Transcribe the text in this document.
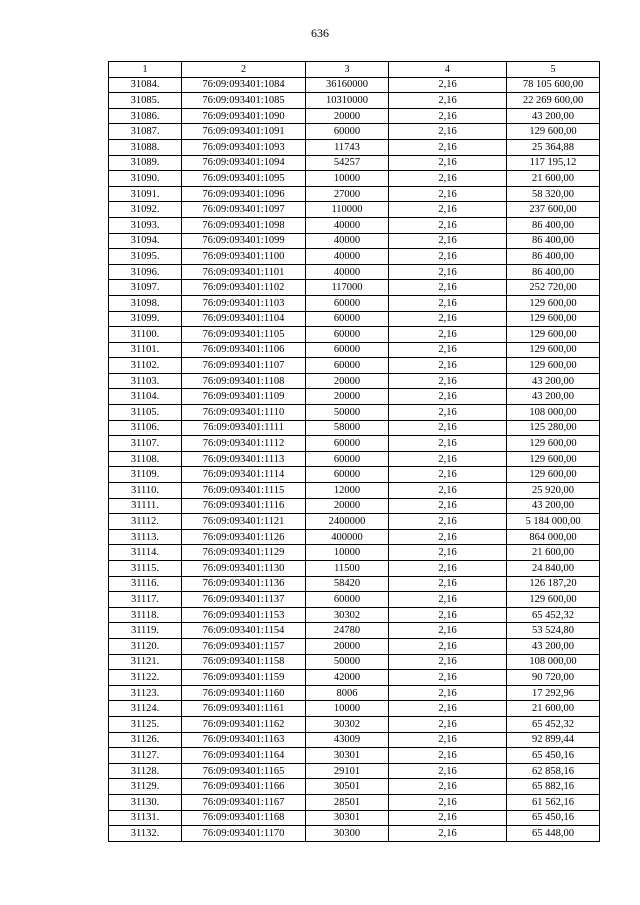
636
1	2	3	4	5
31084.	76:09:093401:1084	36160000	2,16	78 105 600,00
31085.	76:09:093401:1085	10310000	2,16	22 269 600,00
31086.	76:09:093401:1090	20000	2,16	43 200,00
31087.	76:09:093401:1091	60000	2,16	129 600,00
31088.	76:09:093401:1093	11743	2,16	25 364,88
31089.	76:09:093401:1094	54257	2,16	117 195,12
31090.	76:09:093401:1095	10000	2,16	21 600,00
31091.	76:09:093401:1096	27000	2,16	58 320,00
31092.	76:09:093401:1097	110000	2,16	237 600,00
31093.	76:09:093401:1098	40000	2,16	86 400,00
31094.	76:09:093401:1099	40000	2,16	86 400,00
31095.	76:09:093401:1100	40000	2,16	86 400,00
31096.	76:09:093401:1101	40000	2,16	86 400,00
31097.	76:09:093401:1102	117000	2,16	252 720,00
31098.	76:09:093401:1103	60000	2,16	129 600,00
31099.	76:09:093401:1104	60000	2,16	129 600,00
31100.	76:09:093401:1105	60000	2,16	129 600,00
31101.	76:09:093401:1106	60000	2,16	129 600,00
31102.	76:09:093401:1107	60000	2,16	129 600,00
31103.	76:09:093401:1108	20000	2,16	43 200,00
31104.	76:09:093401:1109	20000	2,16	43 200,00
31105.	76:09:093401:1110	50000	2,16	108 000,00
31106.	76:09:093401:1111	58000	2,16	125 280,00
31107.	76:09:093401:1112	60000	2,16	129 600,00
31108.	76:09:093401:1113	60000	2,16	129 600,00
31109.	76:09:093401:1114	60000	2,16	129 600,00
31110.	76:09:093401:1115	12000	2,16	25 920,00
31111.	76:09:093401:1116	20000	2,16	43 200,00
31112.	76:09:093401:1121	2400000	2,16	5 184 000,00
31113.	76:09:093401:1126	400000	2,16	864 000,00
31114.	76:09:093401:1129	10000	2,16	21 600,00
31115.	76:09:093401:1130	11500	2,16	24 840,00
31116.	76:09:093401:1136	58420	2,16	126 187,20
31117.	76:09:093401:1137	60000	2,16	129 600,00
31118.	76:09:093401:1153	30302	2,16	65 452,32
31119.	76:09:093401:1154	24780	2,16	53 524,80
31120.	76:09:093401:1157	20000	2,16	43 200,00
31121.	76:09:093401:1158	50000	2,16	108 000,00
31122.	76:09:093401:1159	42000	2,16	90 720,00
31123.	76:09:093401:1160	8006	2,16	17 292,96
31124.	76:09:093401:1161	10000	2,16	21 600,00
31125.	76:09:093401:1162	30302	2,16	65 452,32
31126.	76:09:093401:1163	43009	2,16	92 899,44
31127.	76:09:093401:1164	30301	2,16	65 450,16
31128.	76:09:093401:1165	29101	2,16	62 858,16
31129.	76:09:093401:1166	30501	2,16	65 882,16
31130.	76:09:093401:1167	28501	2,16	61 562,16
31131.	76:09:093401:1168	30301	2,16	65 450,16
31132.	76:09:093401:1170	30300	2,16	65 448,00
